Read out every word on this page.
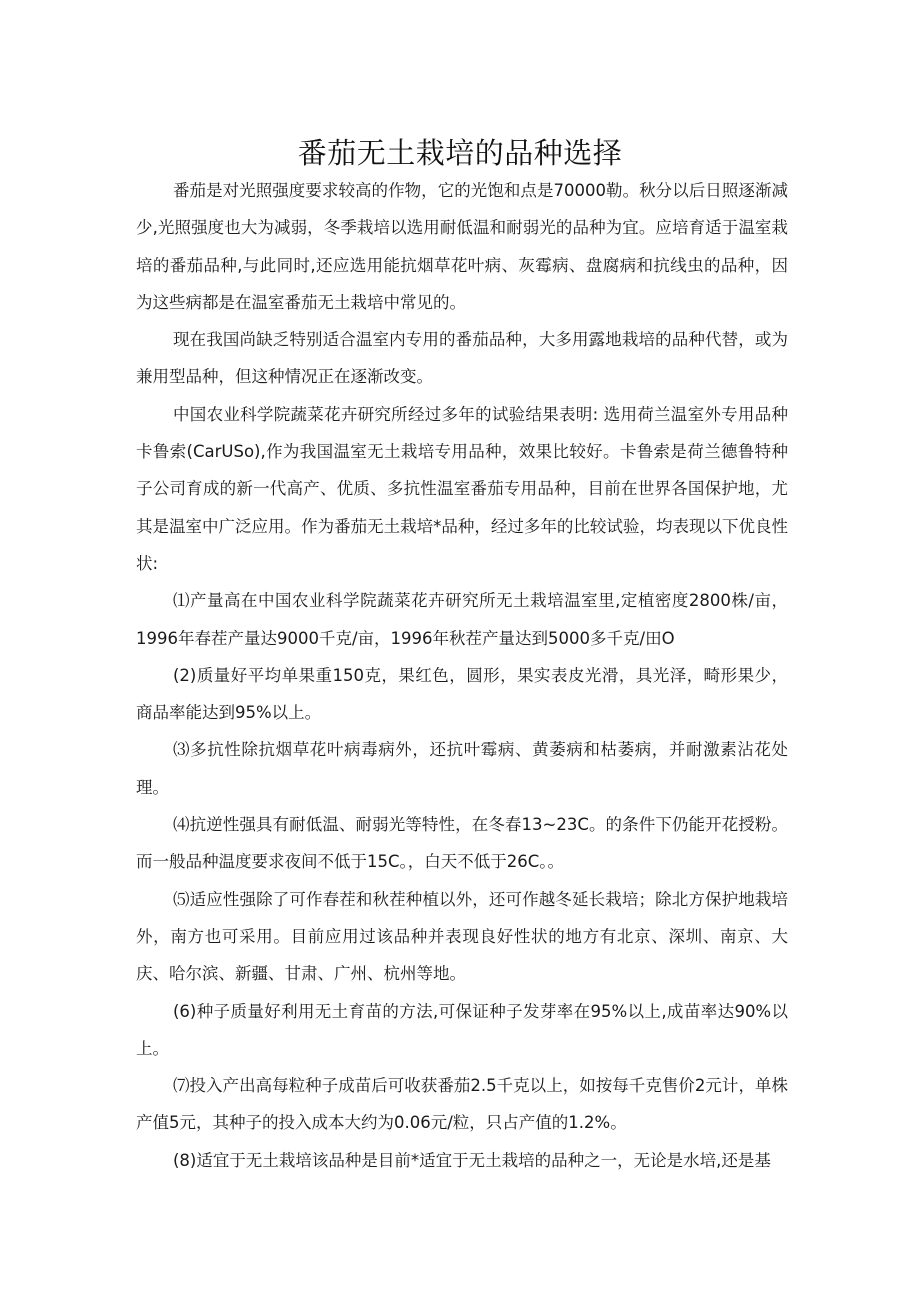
番茄无土栽培的品种选择

番茄是对光照强度要求较高的作物，它的光饱和点是70000勒。秋分以后日照逐渐减少,光照强度也大为减弱，冬季栽培以选用耐低温和耐弱光的品种为宜。应培育适于温室栽培的番茄品种,与此同时,还应选用能抗烟草花叶病、灰霉病、盘腐病和抗线虫的品种，因为这些病都是在温室番茄无土栽培中常见的。

现在我国尚缺乏特别适合温室内专用的番茄品种，大多用露地栽培的品种代替，或为兼用型品种，但这种情况正在逐渐改变。

中国农业科学院蔬菜花卉研究所经过多年的试验结果表明: 选用荷兰温室外专用品种卡鲁索(CarUSo),作为我国温室无土栽培专用品种，效果比较好。卡鲁索是荷兰德鲁特种子公司育成的新一代高产、优质、多抗性温室番茄专用品种，目前在世界各国保护地，尤其是温室中广泛应用。作为番茄无土栽培*品种，经过多年的比较试验，均表现以下优良性状:

⑴产量高在中国农业科学院蔬菜花卉研究所无土栽培温室里,定植密度2800株/亩，1996年春茬产量达9000千克/亩，1996年秋茬产量达到5000多千克/田O

(2)质量好平均单果重150克，果红色，圆形，果实表皮光滑，具光泽，畸形果少，商品率能达到95%以上。

⑶多抗性除抗烟草花叶病毒病外，还抗叶霉病、黄萎病和枯萎病，并耐激素沾花处理。

⑷抗逆性强具有耐低温、耐弱光等特性，在冬春13~23C。的条件下仍能开花授粉。而一般品种温度要求夜间不低于15C。，白天不低于26C。。

⑸适应性强除了可作春茬和秋茬种植以外，还可作越冬延长栽培；除北方保护地栽培外，南方也可采用。目前应用过该品种并表现良好性状的地方有北京、深圳、南京、大庆、哈尔滨、新疆、甘肃、广州、杭州等地。

(6)种子质量好利用无土育苗的方法,可保证种子发芽率在95%以上,成苗率达90%以上。

⑺投入产出高每粒种子成苗后可收获番茄2.5千克以上，如按每千克售价2元计，单株产值5元，其种子的投入成本大约为0.06元/粒，只占产值的1.2%。

(8)适宜于无土栽培该品种是目前*适宜于无土栽培的品种之一，无论是水培,还是基
